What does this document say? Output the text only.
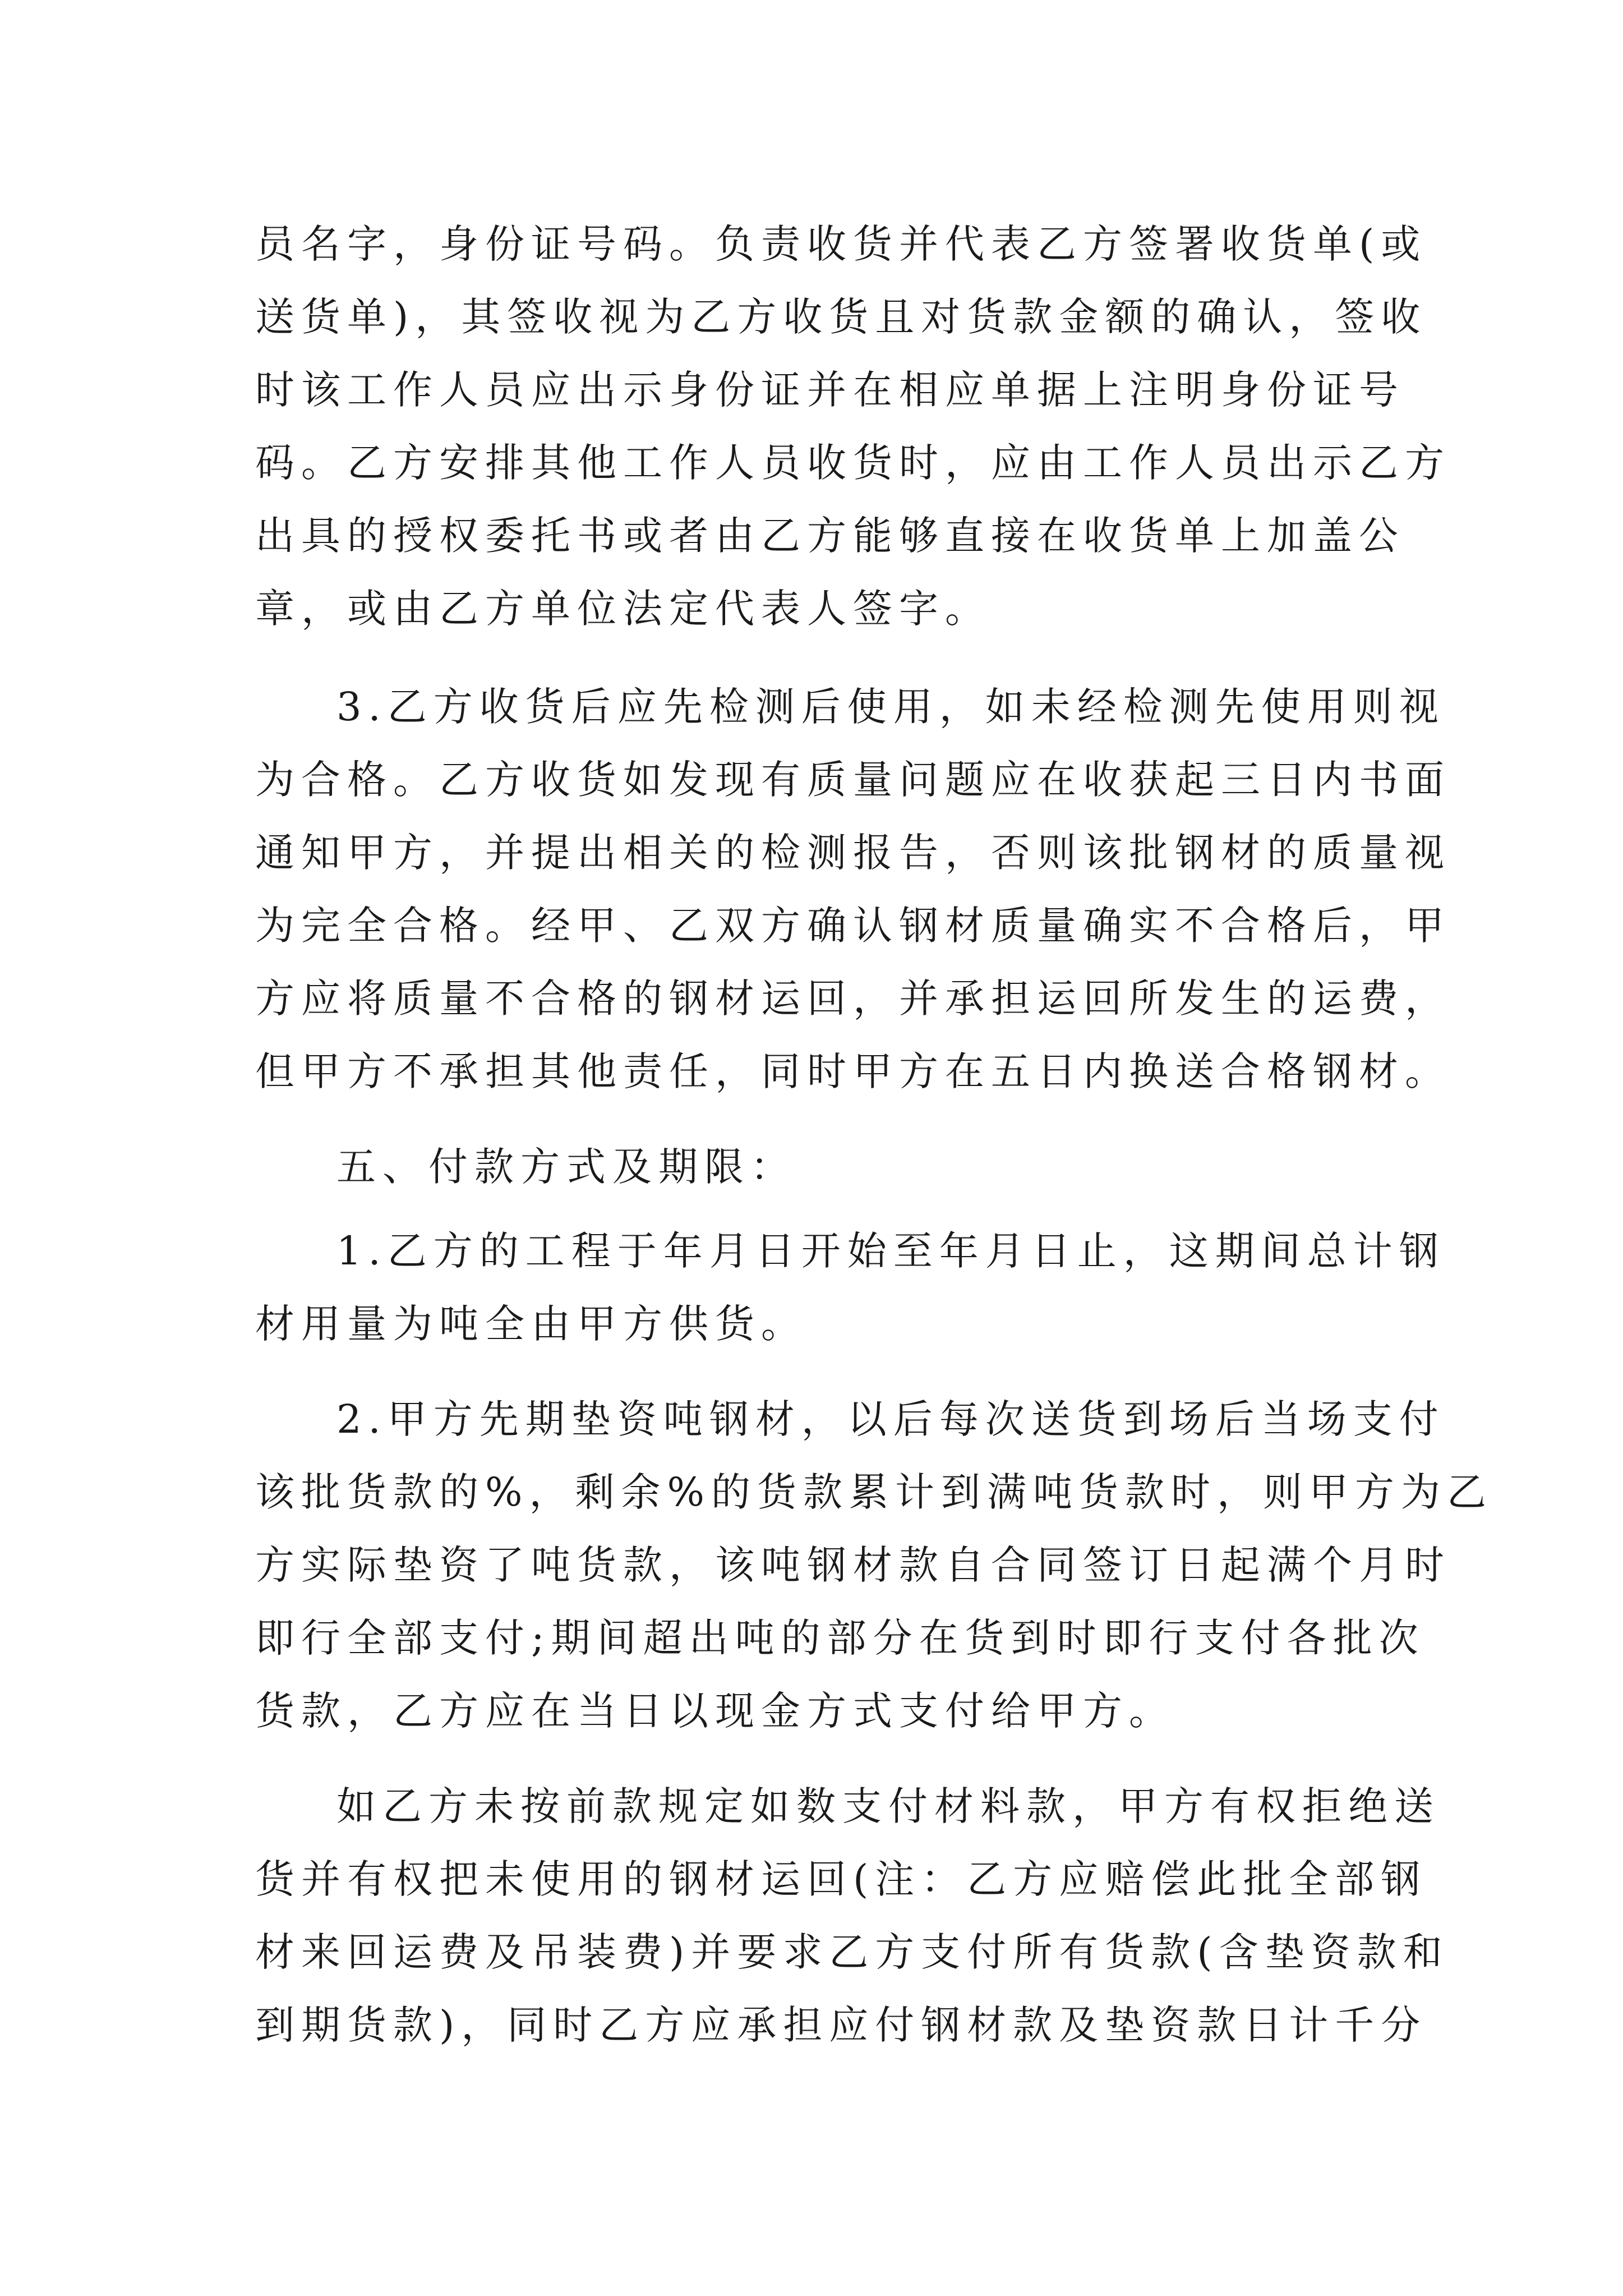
员名字，身份证号码。负责收货并代表乙方签署收货单(或

送货单)，其签收视为乙方收货且对货款金额的确认，签收

时该工作人员应出示身份证并在相应单据上注明身份证号

码。乙方安排其他工作人员收货时，应由工作人员出示乙方

出具的授权委托书或者由乙方能够直接在收货单上加盖公

章，或由乙方单位法定代表人签字。

3.乙方收货后应先检测后使用，如未经检测先使用则视

为合格。乙方收货如发现有质量问题应在收获起三日内书面

通知甲方，并提出相关的检测报告，否则该批钢材的质量视

为完全合格。经甲、乙双方确认钢材质量确实不合格后，甲

方应将质量不合格的钢材运回，并承担运回所发生的运费，

但甲方不承担其他责任，同时甲方在五日内换送合格钢材。

五、付款方式及期限：

1.乙方的工程于年月日开始至年月日止，这期间总计钢

材用量为吨全由甲方供货。

2.甲方先期垫资吨钢材，以后每次送货到场后当场支付

该批货款的%，剩余%的货款累计到满吨货款时，则甲方为乙

方实际垫资了吨货款，该吨钢材款自合同签订日起满个月时

即行全部支付;期间超出吨的部分在货到时即行支付各批次

货款，乙方应在当日以现金方式支付给甲方。

如乙方未按前款规定如数支付材料款，甲方有权拒绝送

货并有权把未使用的钢材运回(注：乙方应赔偿此批全部钢

材来回运费及吊装费)并要求乙方支付所有货款(含垫资款和

到期货款)，同时乙方应承担应付钢材款及垫资款日计千分
